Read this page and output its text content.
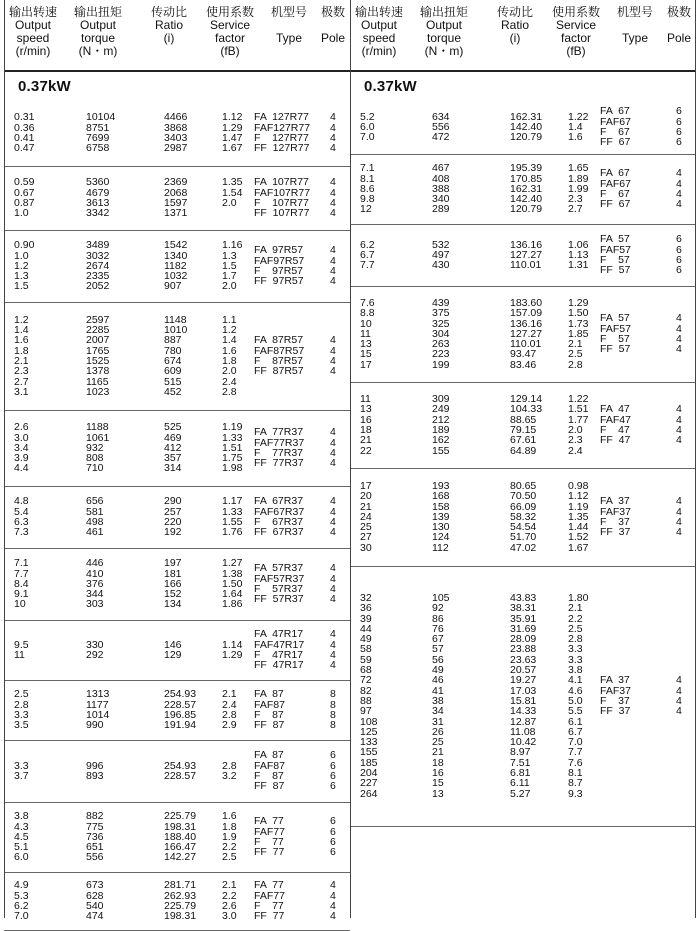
输出转速
Output
speed
(r/min)
输出扭矩
Output
torque
(N・m)
传动比
Ratio
(i)
使用系数
Service
factor
(fB)
机型号
Type
极数
Pole
0.37kW
0.31
0.36
0.41
0.47
10104
8751
7699
6758
4466
3868
3403
2987
1.12
1.29
1.47
1.67
FA  127R77
FAF127R77
F    127R77
FF  127R77
4
4
4
4
0.59
0.67
0.87
1.0
5360
4679
3613
3342
2369
2068
1597
1371
1.35
1.54
2.0
FA  107R77
FAF107R77
F    107R77
FF  107R77
4
4
4
4
0.90
1.0
1.2
1.3
1.5
3489
3032
2674
2335
2052
1542
1340
1182
1032
907
1.16
1.3
1.5
1.7
2.0
FA  97R57
FAF97R57
F    97R57
FF  97R57
4
4
4
4
1.2
1.4
1.6
1.8
2.1
2.3
2.7
3.1
2597
2285
2007
1765
1525
1378
1165
1023
1148
1010
887
780
674
609
515
452
1.1
1.2
1.4
1.6
1.8
2.0
2.4
2.8
FA  87R57
FAF87R57
F    87R57
FF  87R57
4
4
4
4
2.6
3.0
3.4
3.9
4.4
1188
1061
932
808
710
525
469
412
357
314
1.19
1.33
1.51
1.75
1.98
FA  77R37
FAF77R37
F    77R37
FF  77R37
4
4
4
4
4.8
5.4
6.3
7.3
656
581
498
461
290
257
220
192
1.17
1.33
1.55
1.76
FA  67R37
FAF67R37
F    67R37
FF  67R37
4
4
4
4
7.1
7.7
8.4
9.1
10
446
410
376
344
303
197
181
166
152
134
1.27
1.38
1.50
1.64
1.86
FA  57R37
FAF57R37
F    57R37
FF  57R37
4
4
4
4
9.5
11
330
292
146
129
1.14
1.29
FA  47R17
FAF47R17
F    47R17
FF  47R17
4
4
4
4
2.5
2.8
3.3
3.5
1313
1177
1014
990
254.93
228.57
196.85
191.94
2.1
2.4
2.8
2.9
FA  87
FAF87
F    87
FF  87
8
8
8
8
3.3
3.7
996
893
254.93
228.57
2.8
3.2
FA  87
FAF87
F    87
FF  87
6
6
6
6
3.8
4.3
4.5
5.1
6.0
882
775
736
651
556
225.79
198.31
188.40
166.47
142.27
1.6
1.8
1.9
2.2
2.5
FA  77
FAF77
F    77
FF  77
6
6
6
6
4.9
5.3
6.2
7.0
673
628
540
474
281.71
262.93
225.79
198.31
2.1
2.2
2.6
3.0
FA  77
FAF77
F    77
FF  77
4
4
4
4
输出转速
Output
speed
(r/min)
输出扭矩
Output
torque
(N・m)
传动比
Ratio
(i)
使用系数
Service
factor
(fB)
机型号
Type
极数
Pole
0.37kW
5.2
6.0
7.0
634
556
472
162.31
142.40
120.79
1.22
1.4
1.6
FA  67
FAF67
F    67
FF  67
6
6
6
6
7.1
8.1
8.6
9.8
12
467
408
388
340
289
195.39
170.85
162.31
142.40
120.79
1.65
1.89
1.99
2.3
2.7
FA  67
FAF67
F    67
FF  67
4
4
4
4
6.2
6.7
7.7
532
497
430
136.16
127.27
110.01
1.06
1.13
1.31
FA  57
FAF57
F    57
FF  57
6
6
6
6
7.6
8.8
10
11
13
15
17
439
375
325
304
263
223
199
183.60
157.09
136.16
127.27
110.01
93.47
83.46
1.29
1.50
1.73
1.85
2.1
2.5
2.8
FA  57
FAF57
F    57
FF  57
4
4
4
4
11
13
16
18
21
22
309
249
212
189
162
155
129.14
104.33
88.65
79.15
67.61
64.89
1.22
1.51
1.77
2.0
2.3
2.4
FA  47
FAF47
F    47
FF  47
4
4
4
4
17
20
21
24
25
27
30
193
168
158
139
130
124
112
80.65
70.50
66.09
58.32
54.54
51.70
47.02
0.98
1.12
1.19
1.35
1.44
1.52
1.67
FA  37
FAF37
F    37
FF  37
4
4
4
4
32
36
39
44
49
58
59
68
72
82
88
97
108
125
133
155
185
204
227
264
105
92
86
76
67
57
56
49
46
41
38
34
31
26
25
21
18
16
15
13
43.83
38.31
35.91
31.69
28.09
23.88
23.63
20.57
19.27
17.03
15.81
14.33
12.87
11.08
10.42
8.97
7.51
6.81
6.11
5.27
1.80
2.1
2.2
2.5
2.8
3.3
3.3
3.8
4.1
4.6
5.0
5.5
6.1
6.7
7.0
7.7
7.6
8.1
8.7
9.3
FA  37
FAF37
F    37
FF  37
4
4
4
4
